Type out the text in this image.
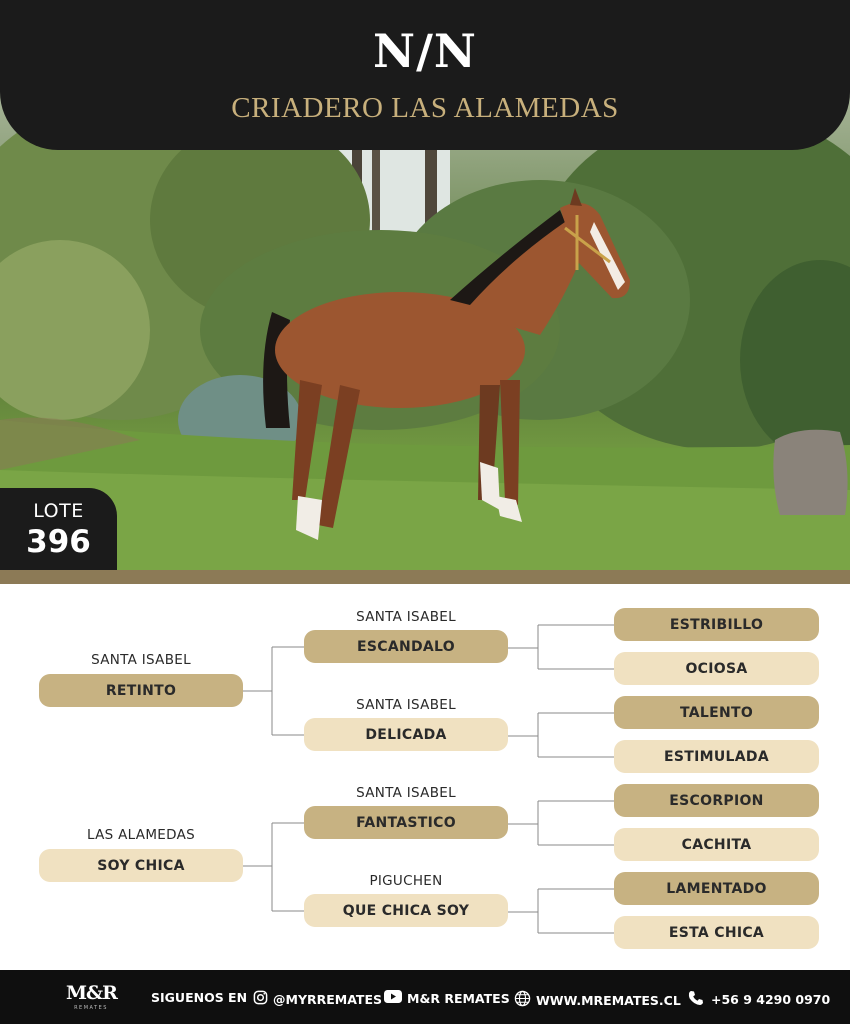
N/N
CRIADERO LAS ALAMEDAS
LOTE
396
SANTA ISABEL
RETINTO
SANTA ISABEL
ESCANDALO
SANTA ISABEL
DELICADA
ESTRIBILLO
OCIOSA
TALENTO
ESTIMULADA
LAS ALAMEDAS
SOY CHICA
SANTA ISABEL
FANTASTICO
PIGUCHEN
QUE CHICA SOY
ESCORPION
CACHITA
LAMENTADO
ESTA CHICA
M&R
REMATES
SIGUENOS EN @MYRREMATES M&R REMATES WWW.MREMATES.CL +56 9 4290 0970
